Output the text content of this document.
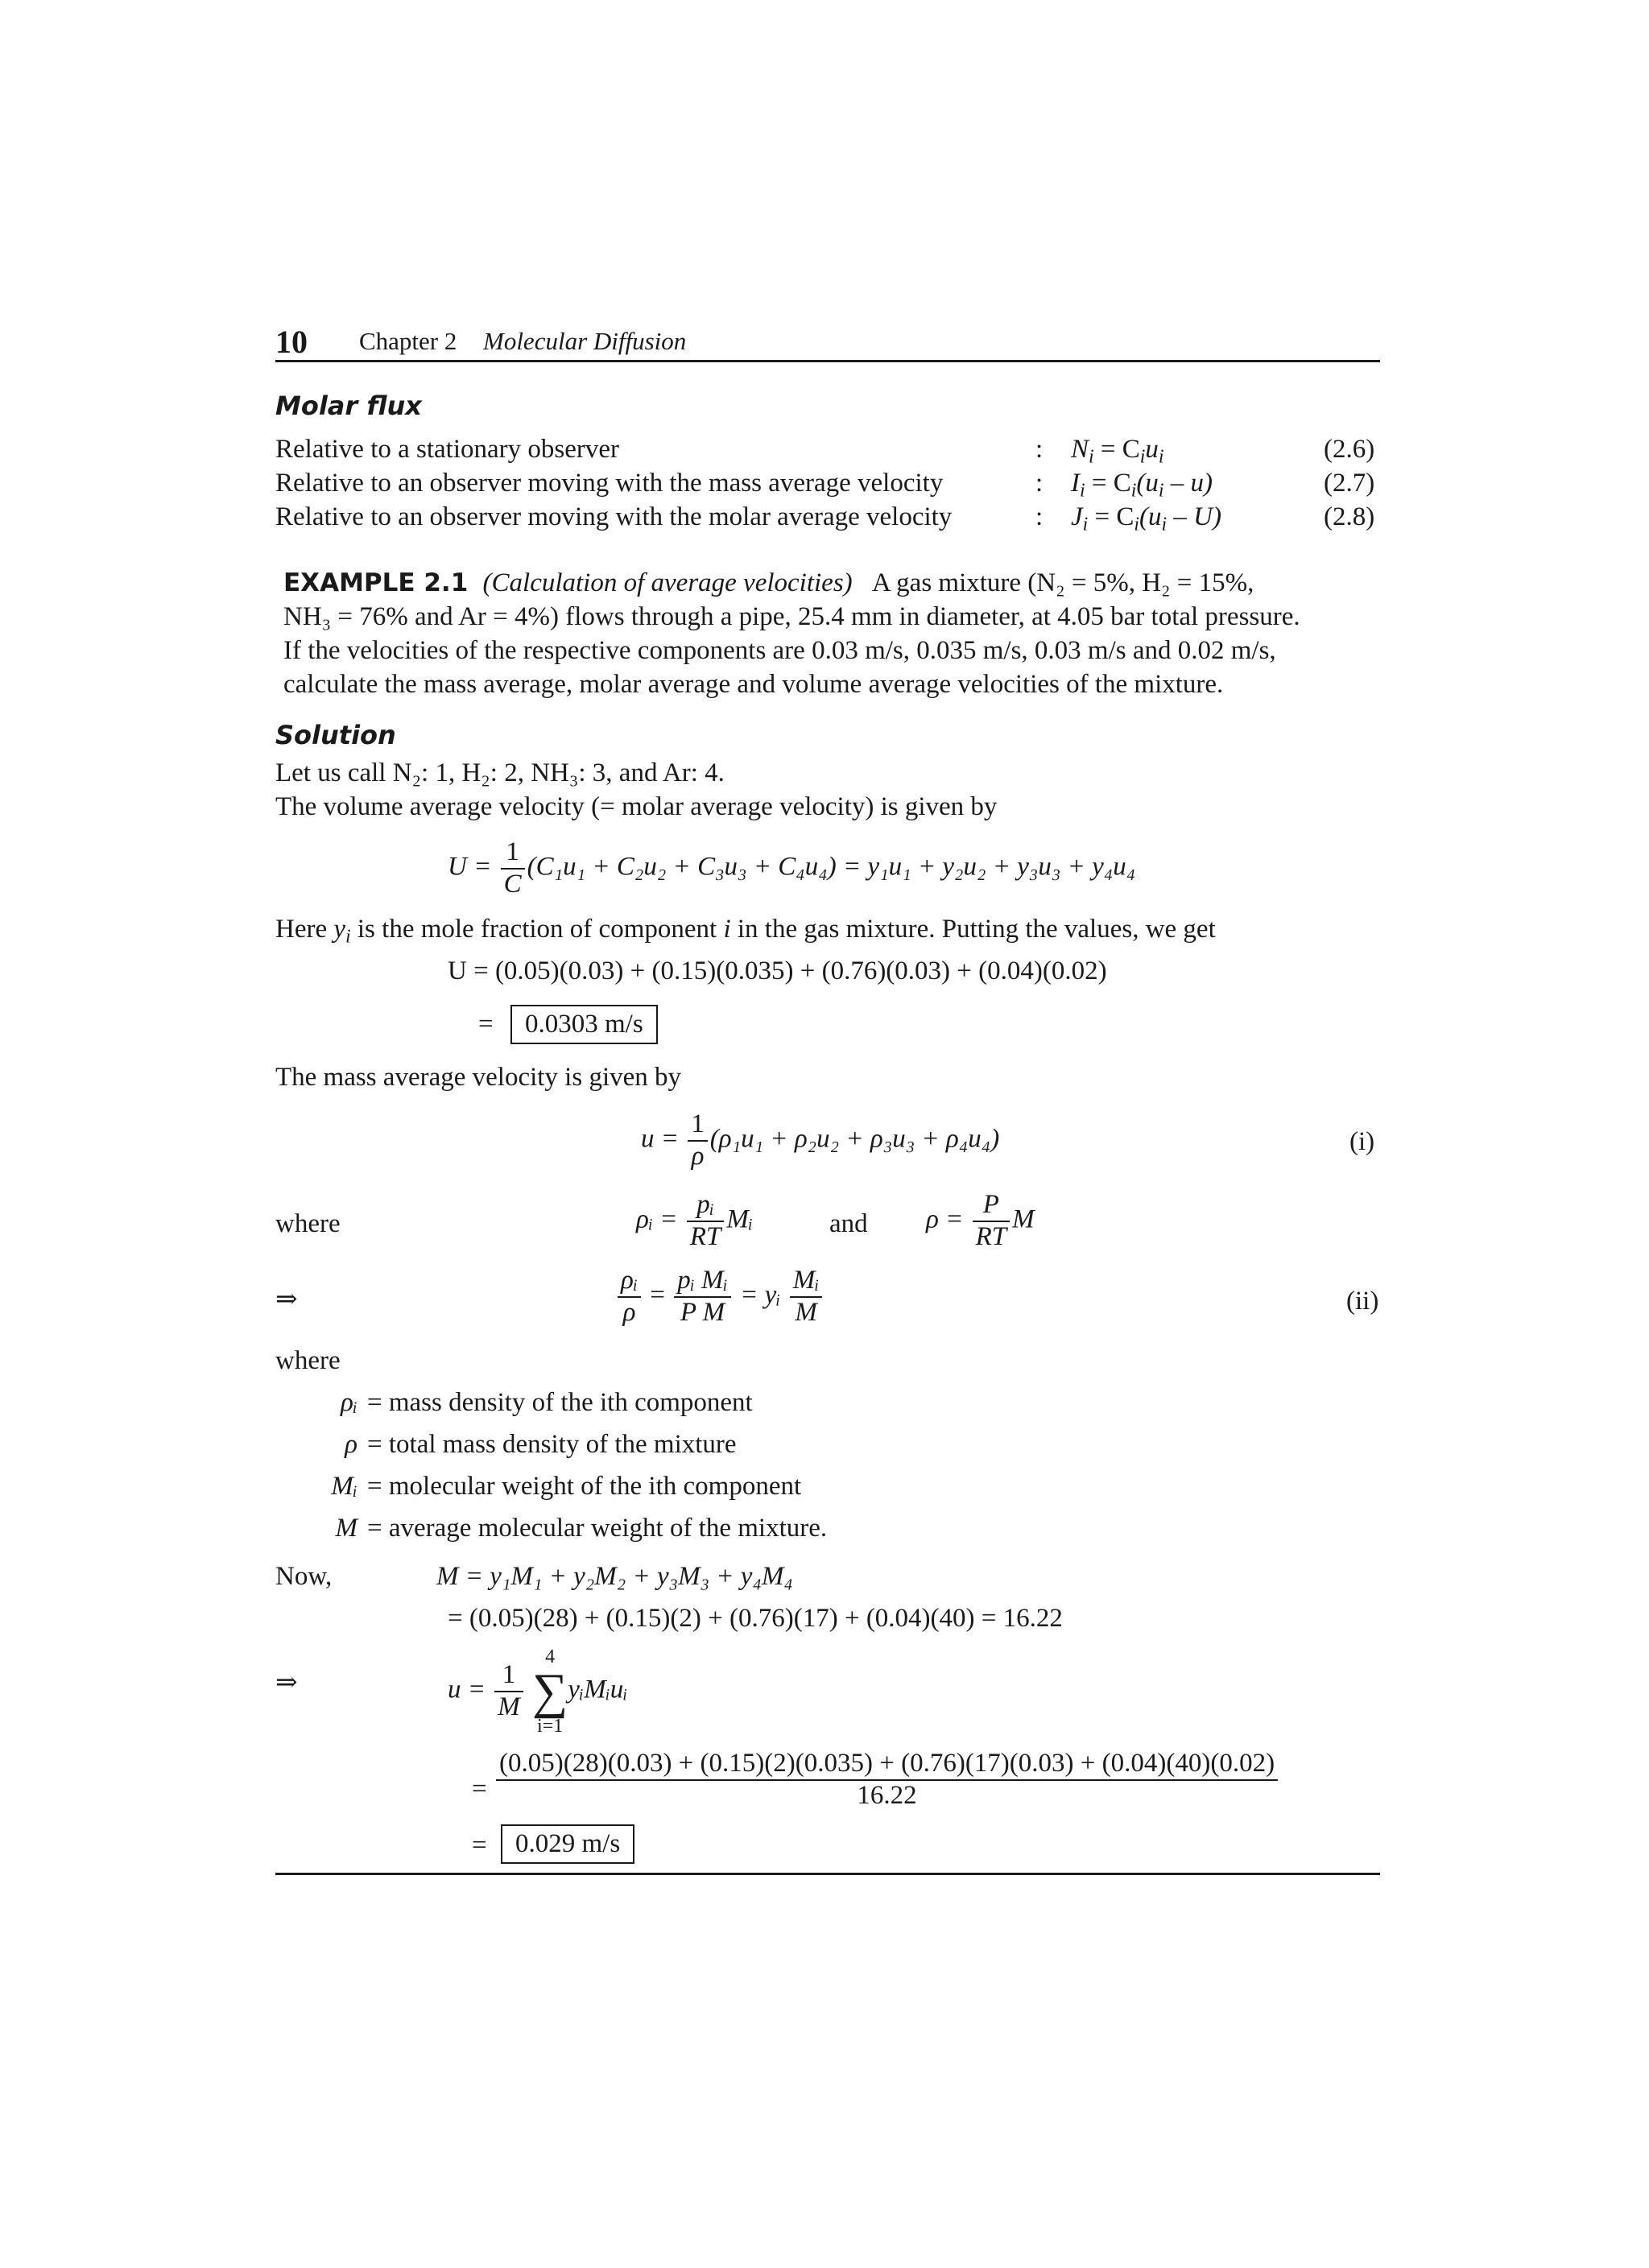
10 Chapter 2 Molecular Diffusion
Molar flux
Relative to a stationary observer	: $N_i = C_iu_i$	(2.6)
Relative to an observer moving with the mass average velocity	: $I_i = C_i(u_i - u)$	(2.7)
Relative to an observer moving with the molar average velocity	: $J_i = C_i(u_i - U)$	(2.8)
EXAMPLE 2.1 (Calculation of average velocities) A gas mixture (N₂ = 5%, H₂ = 15%,
NH₃ = 76% and Ar = 4%) flows through a pipe, 25.4 mm in diameter, at 4.05 bar total pressure.
If the velocities of the respective components are 0.03 m/s, 0.035 m/s, 0.03 m/s and 0.02 m/s,
calculate the mass average, molar average and volume average velocities of the mixture.
Solution
Let us call N₂: 1, H₂: 2, NH₃: 3, and Ar: 4.
The volume average velocity (= molar average velocity) is given by
$U = \frac{1}{C} (C_1u_1 + C_2u_2 + C_3u_3 + C_4u_4) = y_1u_1 + y_2u_2 + y_3u_3 + y_4u_4$
Here $y_i$ is the mole fraction of component i in the gas mixture. Putting the values, we get
U = (0.05)(0.03) + (0.15)(0.035) + (0.76)(0.03) + (0.04)(0.02)
=	0.0303 m/s
The mass average velocity is given by
$u = \frac{1}{\rho} (\rho_1u_1 + \rho_2u_2 + \rho_3u_3 + \rho_4u_4)$	(i)
where	ρᵢ = $\frac{\text{pᵢ}}{RT}$ Mᵢ	and $\rho = \frac{P}{RT}$ M
⇒	$\frac{\text{ρᵢ}}{\rho} = \frac{\text{pᵢ Mᵢ}}{\text{P M}}$ = yᵢ $\frac{\text{Mᵢ}}{M}$	(ii)
where
ρᵢ = mass density of the ith component
ρ = total mass density of the mixture
Mᵢ = molecular weight of the ith component
M = average molecular weight of the mixture.
Now,	M = y₁M₁ + y₂M₂ + y₃M₃ + y₄M₄
= (0.05)(28) + (0.15)(2) + (0.76)(17) + (0.04)(40) = 16.22
⇒	$u = \frac{1}{M}$

4
∑
i=1
yᵢMᵢuᵢ
=
(0.05)(28)(0.03) + (0.15)(2)(0.035) + (0.76)(17)(0.03) + (0.04)(40)(0.02)
16.22
=	0.029 m/s
